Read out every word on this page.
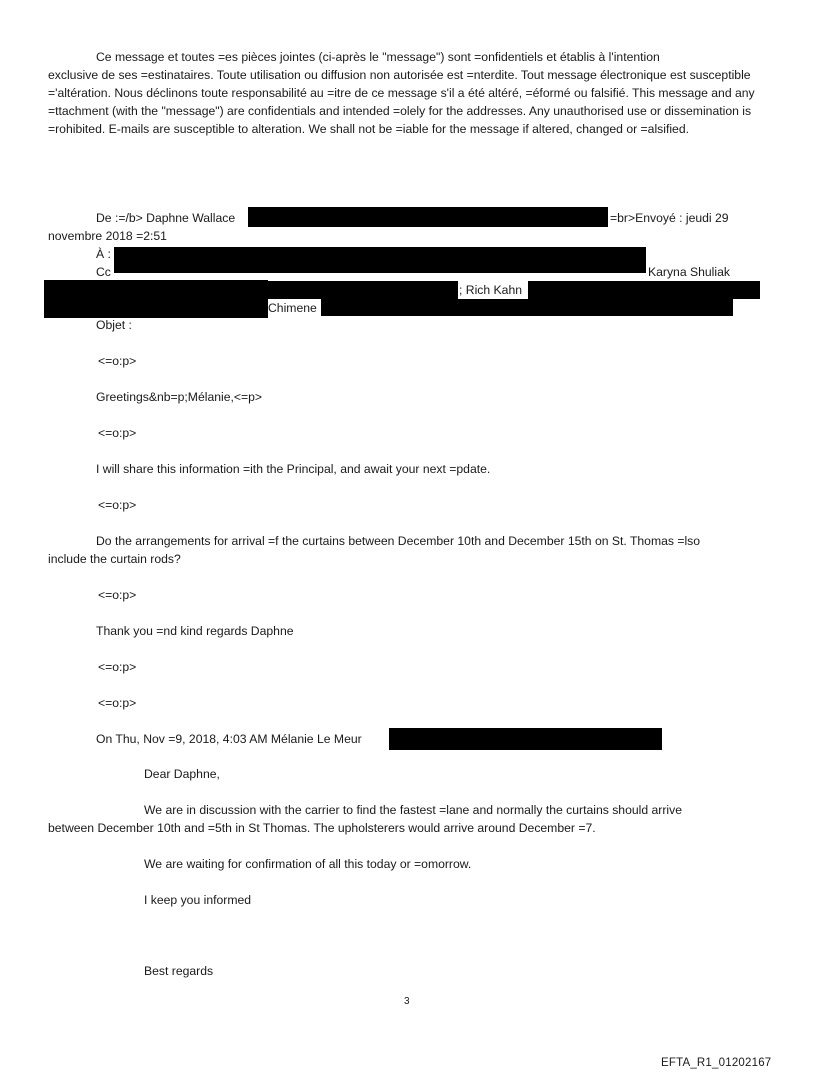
Ce message et toutes =es pièces jointes (ci-après le "message") sont =onfidentiels et établis à l'intention
exclusive de ses =estinataires. Toute utilisation ou diffusion non autorisée est =nterdite. Tout message électronique est susceptible ='altération. Nous déclinons toute responsabilité au =itre de ce message s'il a été altéré, =éformé ou falsifié. This message and any =ttachment (with the "message") are confidentials and intended =olely for the addresses. Any unauthorised use or dissemination is =rohibited. E-mails are susceptible to alteration. We shall not be =iable for the message if altered, changed or =alsified.
De :=/b> Daphne Wallace	=br>Envoyé : jeudi 29
novembre 2018 =2:51
À :
Cc	Karyna Shuliak
; Rich Kahn
Chimene
Objet :
<=o:p>
Greetings&nb=p;Mélanie,<=p>
<=o:p>
I will share this information =ith the Principal, and await your next =pdate.
<=o:p>
Do the arrangements for arrival =f the curtains between December 10th and December 15th on St. Thomas =lso
include the curtain rods?
<=o:p>
Thank you =nd kind regards Daphne
<=o:p>
<=o:p>
On Thu, Nov =9, 2018, 4:03 AM Mélanie Le Meur
Dear Daphne,
We are in discussion with the carrier to find the fastest =lane and normally the curtains should arrive
between December 10th and =5th in St Thomas. The upholsterers would arrive around December =7.
We are waiting for confirmation of all this today or =omorrow.
I keep you informed
Best regards
3
EFTA_R1_01202167
